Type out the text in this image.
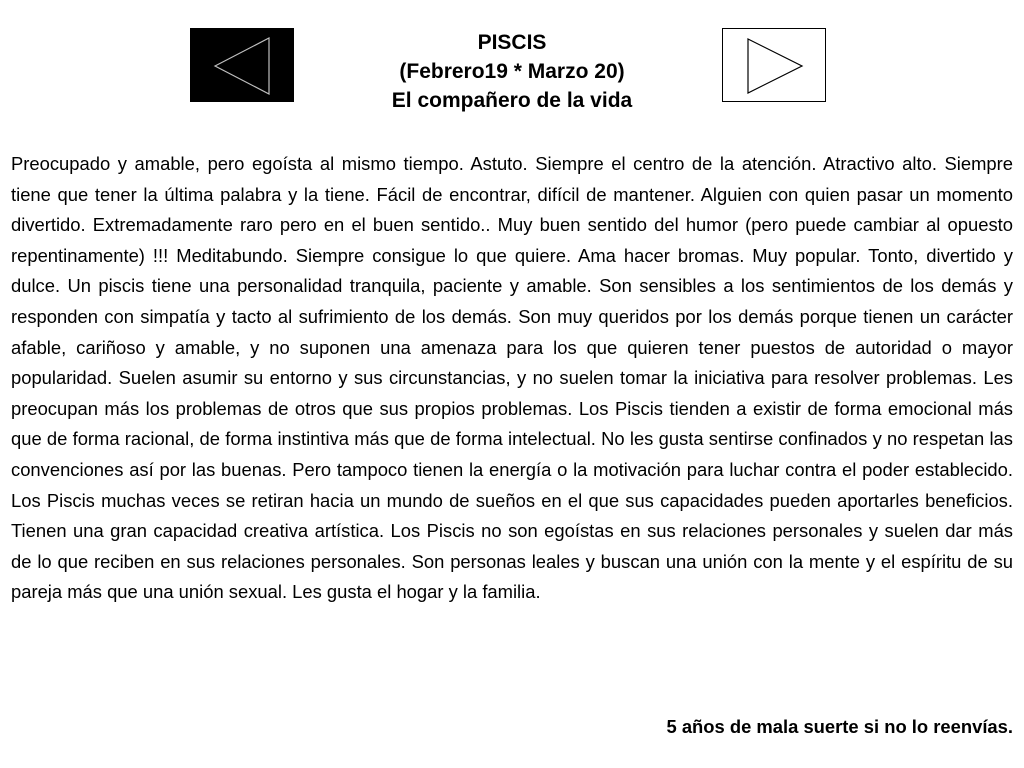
PISCIS
(Febrero19 * Marzo 20)
El compañero de la vida

Preocupado y amable, pero egoísta al mismo tiempo. Astuto. Siempre el centro de la atención. Atractivo alto. Siempre tiene que tener la última palabra y la tiene. Fácil de encontrar, difícil de mantener. Alguien con quien pasar un momento divertido. Extremadamente raro pero en el buen sentido.. Muy buen sentido del humor (pero puede cambiar al opuesto repentinamente) !!! Meditabundo. Siempre consigue lo que quiere. Ama hacer bromas. Muy popular. Tonto, divertido y dulce. Un piscis tiene una personalidad tranquila, paciente y amable. Son sensibles a los sentimientos de los demás y responden con simpatía y tacto al sufrimiento de los demás. Son muy queridos por los demás porque tienen un carácter afable, cariñoso y amable, y no suponen una amenaza para los que quieren tener puestos de autoridad o mayor popularidad. Suelen asumir su entorno y sus circunstancias, y no suelen tomar la iniciativa para resolver problemas. Les preocupan más los problemas de otros que sus propios problemas. Los Piscis tienden a existir de forma emocional más que de forma racional, de forma instintiva más que de forma intelectual. No les gusta sentirse confinados y no respetan las convenciones así por las buenas. Pero tampoco tienen la energía o la motivación para luchar contra el poder establecido. Los Piscis muchas veces se retiran hacia un mundo de sueños en el que sus capacidades pueden aportarles beneficios. Tienen una gran capacidad creativa artística. Los Piscis no son egoístas en sus relaciones personales y suelen dar más de lo que reciben en sus relaciones personales. Son personas leales y buscan una unión con la mente y el espíritu de su pareja más que una unión sexual. Les gusta el hogar y la familia.

5 años de mala suerte si no lo reenvías.
